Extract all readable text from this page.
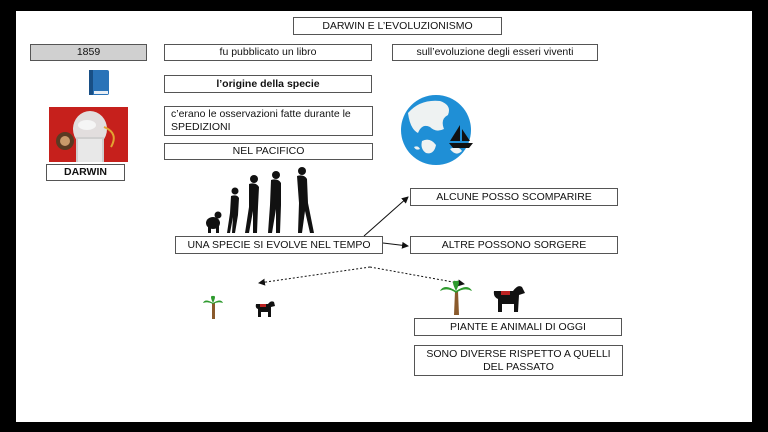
DARWIN E L’EVOLUZIONISMO
1859	fu pubblicato un libro	sull’evoluzione degli esseri viventi
l’origine della specie
c’erano le osservazioni fatte durante le SPEDIZIONI
NEL PACIFICO
DARWIN
UNA SPECIE SI EVOLVE NEL TEMPO
ALCUNE POSSO SCOMPARIRE
ALTRE POSSONO SORGERE
PIANTE E ANIMALI DI OGGI
SONO DIVERSE RISPETTO A QUELLI DEL PASSATO
